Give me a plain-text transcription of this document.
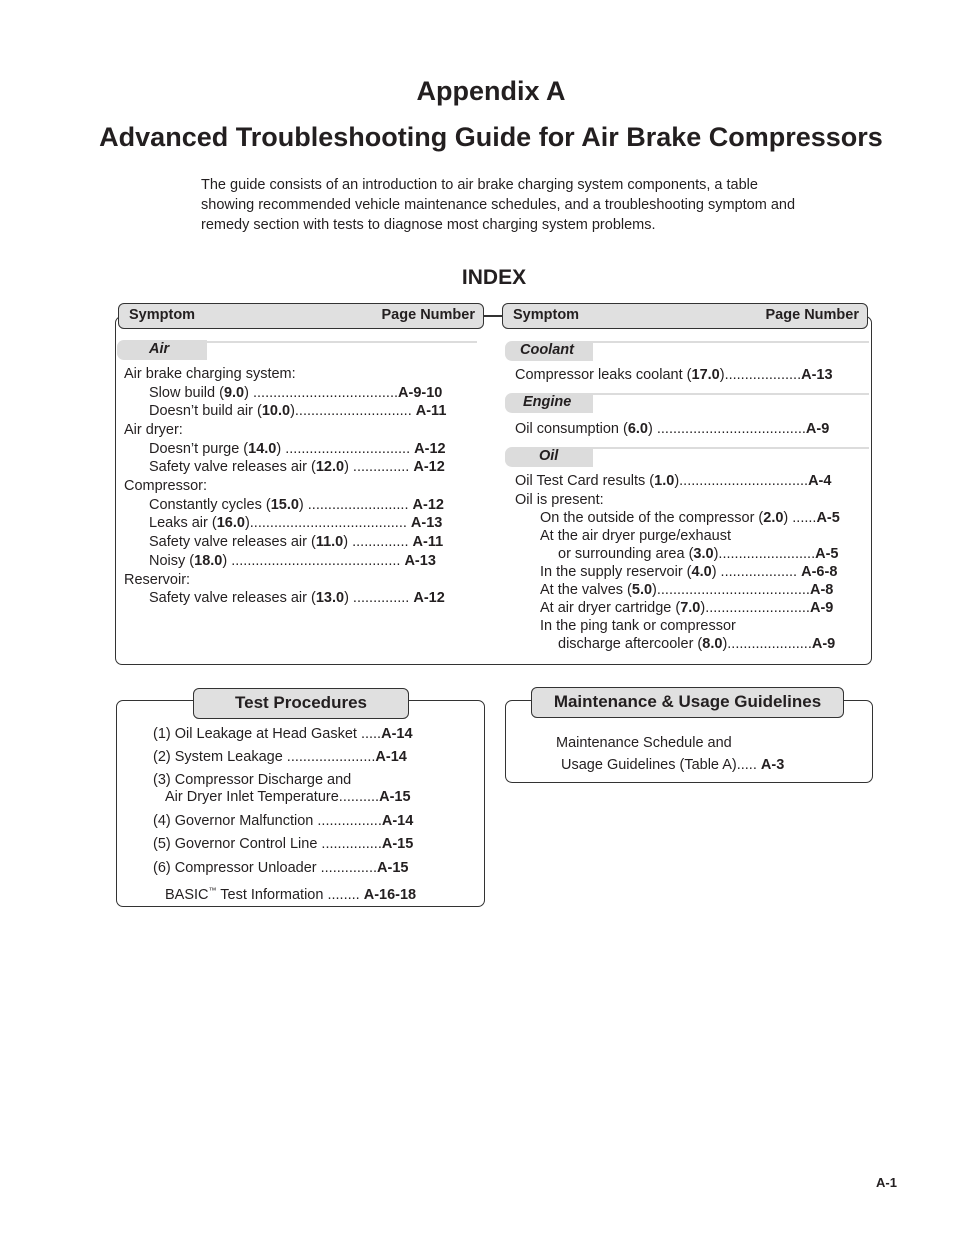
Appendix A
Advanced Troubleshooting Guide for Air Brake Compressors
The guide consists of an introduction to air brake charging system components, a table showing recommended vehicle maintenance schedules, and a troubleshooting symptom and remedy section with tests to diagnose most charging system problems.
INDEX
Symptom	Page Number	Symptom	Page Number
Air
Air brake charging system:
Slow build (9.0) ....................................A-9-10
Doesn’t build air (10.0)............................. A-11
Air dryer:
Doesn’t purge (14.0) ............................... A-12
Safety valve releases air (12.0) .............. A-12
Compressor:
Constantly cycles (15.0) ......................... A-12
Leaks air (16.0)....................................... A-13
Safety valve releases air (11.0) .............. A-11
Noisy (18.0) .......................................... A-13
Reservoir:
Safety valve releases air (13.0) .............. A-12
Coolant
Compressor leaks coolant (17.0)...................A-13
Engine
Oil consumption (6.0) .....................................A-9
Oil
Oil Test Card results (1.0)................................A-4
Oil is present:
On the outside of the compressor (2.0) ......A-5
At the air dryer purge/exhaust
or surrounding area (3.0)........................A-5
In the supply reservoir (4.0) ................... A-6-8
At the valves (5.0)......................................A-8
At air dryer cartridge (7.0)..........................A-9
In the ping tank or compressor
discharge aftercooler (8.0).....................A-9
Test Procedures
(1) Oil Leakage at Head Gasket .....A-14
(2) System Leakage ......................A-14
(3) Compressor Discharge and
Air Dryer Inlet Temperature..........A-15
(4) Governor Malfunction ................A-14
(5) Governor Control Line ...............A-15
(6) Compressor Unloader ..............A-15
BASIC™ Test Information ........ A-16-18
Maintenance & Usage Guidelines
Maintenance Schedule and
Usage Guidelines (Table A)..... A-3
A-1
